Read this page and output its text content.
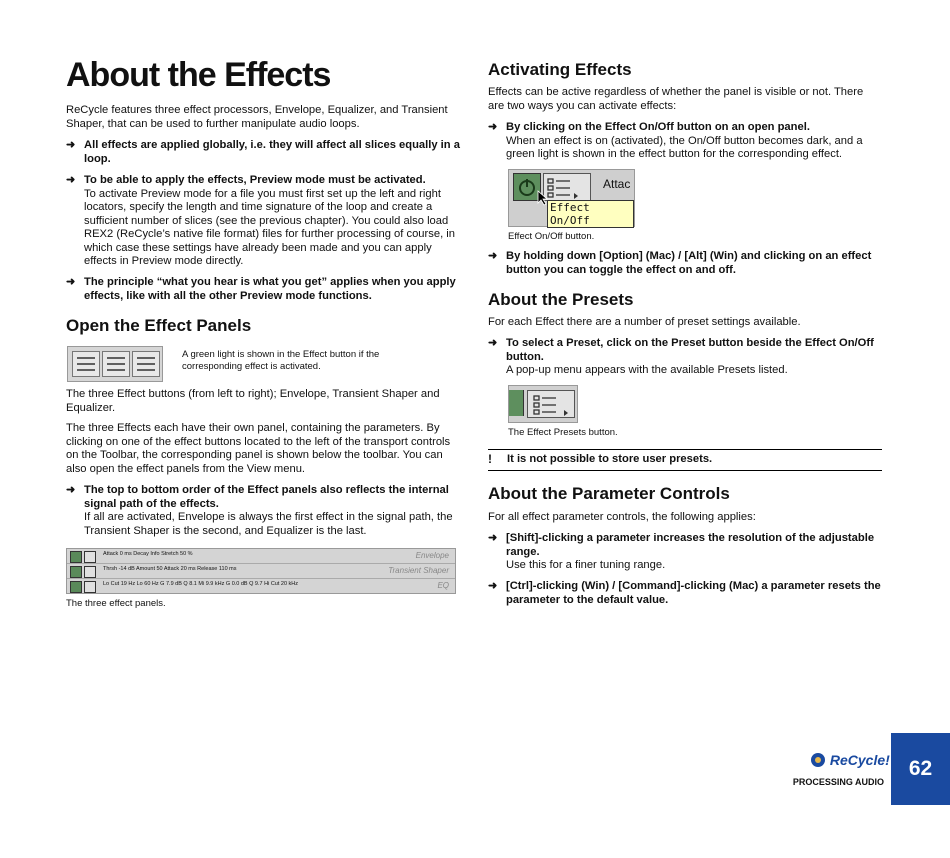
About the Effects
ReCycle features three effect processors, Envelope, Equalizer, and Transient Shaper, that can be used to further manipulate audio loops.
➜ All effects are applied globally, i.e. they will affect all slices equally in a loop.
➜ To be able to apply the effects, Preview mode must be activated.
To activate Preview mode for a file you must first set up the left and right locators, specify the length and time signature of the loop and create a sufficient number of slices (see the previous chapter). You could also load REX2 (ReCycle’s native file format) files for further processing of course, in which case these settings have already been made and you can apply effects in Preview mode directly.
➜ The principle “what you hear is what you get” applies when you apply effects, like with all the other Preview mode functions.
Open the Effect Panels
A green light is shown in the Effect button if the corresponding effect is activated.
The three Effect buttons (from left to right); Envelope, Transient Shaper and Equalizer.
The three Effects each have their own panel, containing the parameters. By clicking on one of the effect buttons located to the left of the transport controls on the Toolbar, the corresponding panel is shown below the toolbar. You can also open the effect panels from the View menu.
➜ The top to bottom order of the Effect panels also reflects the internal signal path of the effects.
If all are activated, Envelope is always the first effect in the signal path, the Transient Shaper is the second, and Equalizer is the last.
Attack 0 ms Decay Info Stretch 50 %	Envelope
Thrsh -14 dB Amount 50 Attack 20 ms Release 110 ms	Transient Shaper
Lo Cut 19 Hz Lo 60 Hz G 7.9 dB Q 8.1 Mi 9.9 kHz G 0.0 dB Q 9.7 Hi Cut 20 kHz	EQ
The three effect panels.
Activating Effects
Effects can be active regardless of whether the panel is visible or not. There are two ways you can activate effects:
➜ By clicking on the Effect On/Off button on an open panel.
When an effect is on (activated), the On/Off button becomes dark, and a green light is shown in the effect button for the corresponding effect.
Attac
Effect On/Off
Effect On/Off button.
➜ By holding down [Option] (Mac) / [Alt] (Win) and clicking on an effect button you can toggle the effect on and off.
About the Presets
For each Effect there are a number of preset settings available.
➜ To select a Preset, click on the Preset button beside the Effect On/Off button.
A pop-up menu appears with the available Presets listed.
The Effect Presets button.
! It is not possible to store user presets.
About the Parameter Controls
For all effect parameter controls, the following applies:
➜ [Shift]-clicking a parameter increases the resolution of the adjustable range.
Use this for a finer tuning range.
➜ [Ctrl]-clicking (Win) / [Command]-clicking (Mac) a parameter resets the parameter to the default value.
ReCycle!
PROCESSING AUDIO
62
